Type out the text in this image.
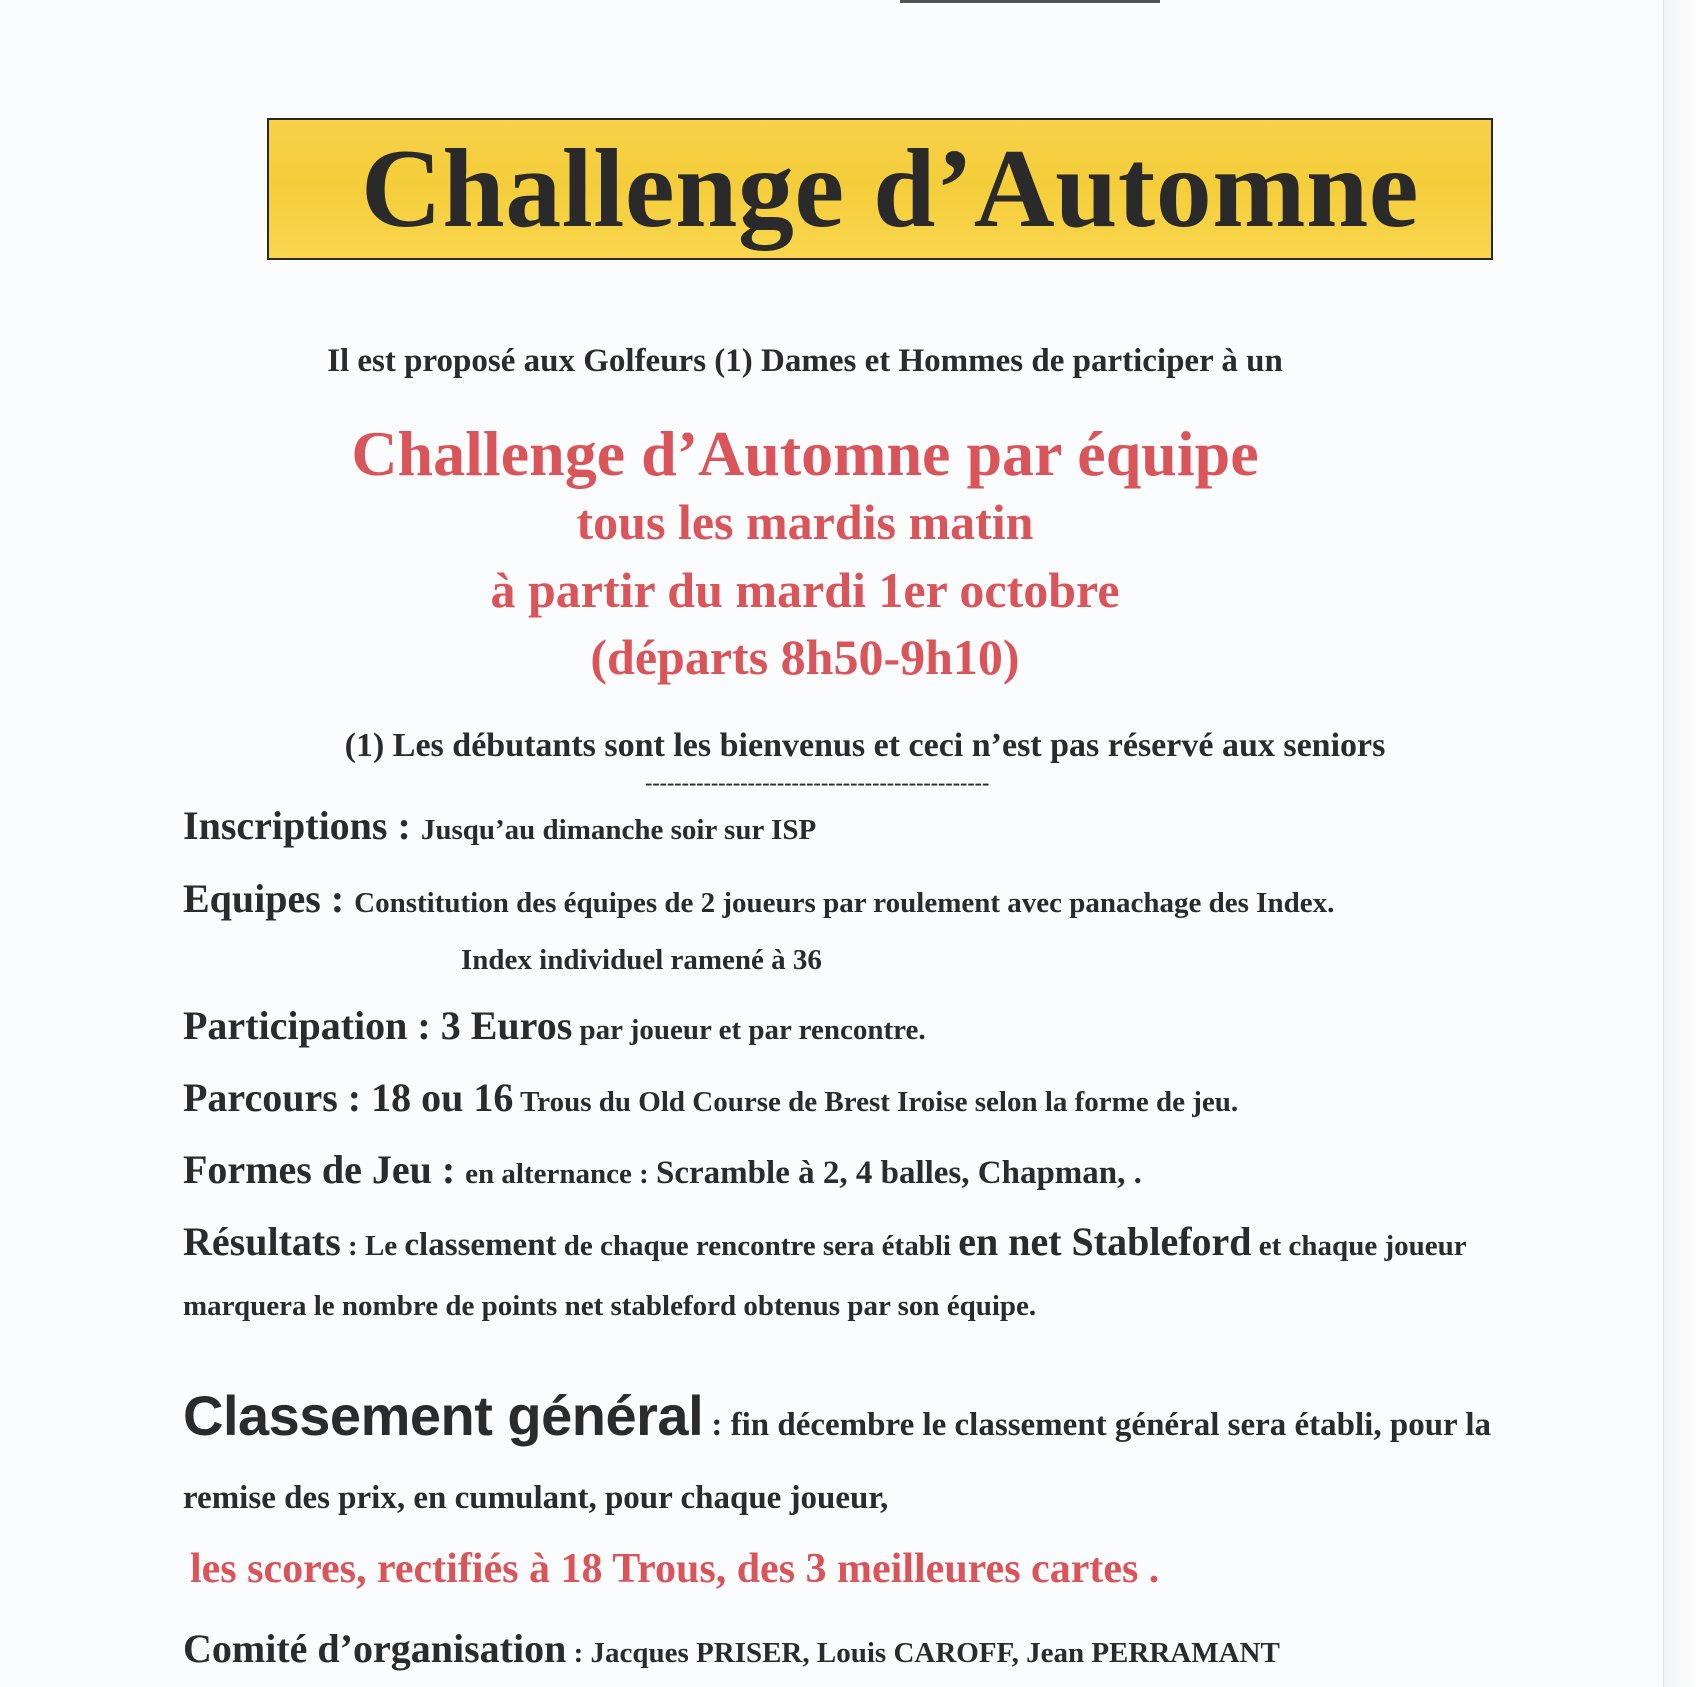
Challenge d’Automne
Il est proposé aux Golfeurs (1) Dames et Hommes de participer à un
Challenge d’Automne par équipe
tous les mardis matin
à partir du mardi 1er octobre
(départs 8h50-9h10)
(1) Les débutants sont les bienvenus et ceci n’est pas réservé aux seniors
-----------------------------------------------
Inscriptions : Jusqu’au dimanche soir sur ISP
Equipes : Constitution des équipes de 2 joueurs par roulement avec panachage des Index.
Index individuel ramené à 36
Participation : 3 Euros par joueur et par rencontre.
Parcours : 18 ou 16 Trous du Old Course de Brest Iroise selon la forme de jeu.
Formes de Jeu : en alternance : Scramble à 2, 4 balles, Chapman, .
Résultats : Le classement de chaque rencontre sera établi en net Stableford et chaque joueur
marquera le nombre de points net stableford obtenus par son équipe.
Classement général : fin décembre le classement général sera établi, pour la
remise des prix, en cumulant, pour chaque joueur,
les scores, rectifiés à 18 Trous, des 3 meilleures cartes .
Comité d’organisation : Jacques PRISER, Louis CAROFF, Jean PERRAMANT
